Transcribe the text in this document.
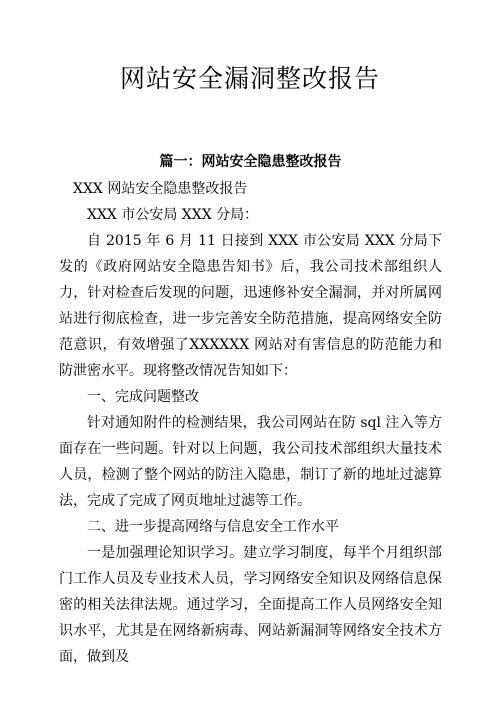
网站安全漏洞整改报告

篇一：网站安全隐患整改报告

XXX 网站安全隐患整改报告

XXX 市公安局 XXX 分局：

自 2015 年 6 月 11 日接到 XXX 市公安局 XXX 分局下发的《政府网站安全隐患告知书》后，我公司技术部组织人力，针对检查后发现的问题，迅速修补安全漏洞，并对所属网站进行彻底检查，进一步完善安全防范措施，提高网络安全防范意识，有效增强了XXXXXX 网站对有害信息的防范能力和防泄密水平。现将整改情况告知如下：

一、完成问题整改

针对通知附件的检测结果，我公司网站在防 sql 注入等方面存在一些问题。针对以上问题，我公司技术部组织大量技术人员，检测了整个网站的防注入隐患，制订了新的地址过滤算法，完成了完成了网页地址过滤等工作。

二、进一步提高网络与信息安全工作水平

一是加强理论知识学习。建立学习制度，每半个月组织部门工作人员及专业技术人员，学习网络安全知识及网络信息保密的相关法律法规。通过学习，全面提高工作人员网络安全知识水平，尤其是在网络新病毒、网站新漏洞等网络安全技术方面，做到及
